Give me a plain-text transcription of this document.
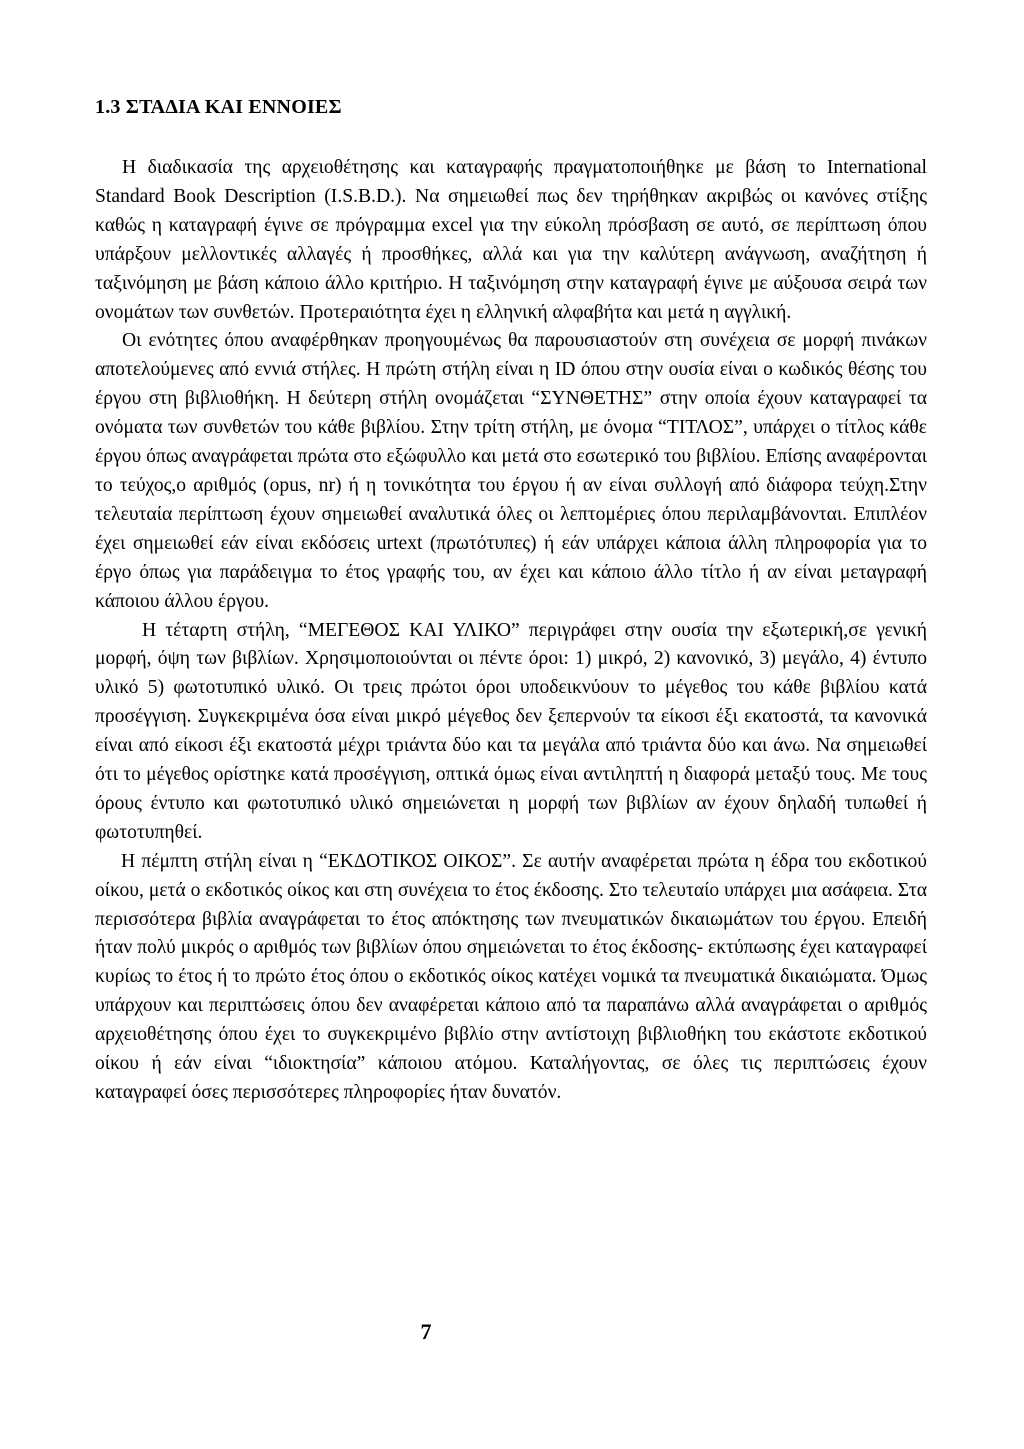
1.3 ΣΤΑΔΙΑ ΚΑΙ ΕΝΝΟΙΕΣ

Η διαδικασία της αρχειοθέτησης και καταγραφής πραγματοποιήθηκε με βάση το International Standard Book Description (I.S.B.D.). Να σημειωθεί πως δεν τηρήθηκαν ακριβώς οι κανόνες στίξης καθώς η καταγραφή έγινε σε πρόγραμμα excel για την εύκολη πρόσβαση σε αυτό, σε περίπτωση όπου υπάρξουν μελλοντικές αλλαγές ή προσθήκες, αλλά και για την καλύτερη ανάγνωση, αναζήτηση ή ταξινόμηση με βάση κάποιο άλλο κριτήριο. Η ταξινόμηση στην καταγραφή έγινε με αύξουσα σειρά των ονομάτων των συνθετών. Προτεραιότητα έχει η ελληνική αλφαβήτα και μετά η αγγλική.

Οι ενότητες όπου αναφέρθηκαν προηγουμένως θα παρουσιαστούν στη συνέχεια σε μορφή πινάκων αποτελούμενες από εννιά στήλες. Η πρώτη στήλη είναι η ID όπου στην ουσία είναι ο κωδικός θέσης του έργου στη βιβλιοθήκη. Η δεύτερη στήλη ονομάζεται “ΣΥΝΘΕΤΗΣ” στην οποία έχουν καταγραφεί τα ονόματα των συνθετών του κάθε βιβλίου. Στην τρίτη στήλη, με όνομα “ΤΙΤΛΟΣ”, υπάρχει ο τίτλος κάθε έργου όπως αναγράφεται πρώτα στο εξώφυλλο και μετά στο εσωτερικό του βιβλίου. Επίσης αναφέρονται το τεύχος,ο αριθμός (opus, nr) ή η τονικότητα του έργου ή αν είναι συλλογή από διάφορα τεύχη.Στην τελευταία περίπτωση έχουν σημειωθεί αναλυτικά όλες οι λεπτομέριες όπου περιλαμβάνονται. Επιπλέον έχει σημειωθεί εάν είναι εκδόσεις urtext (πρωτότυπες) ή εάν υπάρχει κάποια άλλη πληροφορία για το έργο όπως για παράδειγμα το έτος γραφής του, αν έχει και κάποιο άλλο τίτλο ή αν είναι μεταγραφή κάποιου άλλου έργου.

Η τέταρτη στήλη, “ΜΕΓΕΘΟΣ ΚΑΙ ΥΛΙΚΟ” περιγράφει στην ουσία την εξωτερική,σε γενική μορφή, όψη των βιβλίων. Χρησιμοποιούνται οι πέντε όροι: 1) μικρό, 2) κανονικό, 3) μεγάλο, 4) έντυπο υλικό 5) φωτοτυπικό υλικό. Οι τρεις πρώτοι όροι υποδεικνύουν το μέγεθος του κάθε βιβλίου κατά προσέγγιση. Συγκεκριμένα όσα είναι μικρό μέγεθος δεν ξεπερνούν τα είκοσι έξι εκατοστά, τα κανονικά είναι από είκοσι έξι εκατοστά μέχρι τριάντα δύο και τα μεγάλα από τριάντα δύο και άνω. Να σημειωθεί ότι το μέγεθος ορίστηκε κατά προσέγγιση, οπτικά όμως είναι αντιληπτή η διαφορά μεταξύ τους. Με τους όρους έντυπο και φωτοτυπικό υλικό σημειώνεται η μορφή των βιβλίων αν έχουν δηλαδή τυπωθεί ή φωτοτυπηθεί.

Η πέμπτη στήλη είναι η “ΕΚΔΟΤΙΚΟΣ ΟΙΚΟΣ”. Σε αυτήν αναφέρεται πρώτα η έδρα του εκδοτικού οίκου, μετά ο εκδοτικός οίκος και στη συνέχεια το έτος έκδοσης. Στο τελευταίο υπάρχει μια ασάφεια. Στα περισσότερα βιβλία αναγράφεται το έτος απόκτησης των πνευματικών δικαιωμάτων του έργου. Επειδή ήταν πολύ μικρός ο αριθμός των βιβλίων όπου σημειώνεται το έτος έκδοσης- εκτύπωσης έχει καταγραφεί κυρίως το έτος ή το πρώτο έτος όπου ο εκδοτικός οίκος κατέχει νομικά τα πνευματικά δικαιώματα. Όμως υπάρχουν και περιπτώσεις όπου δεν αναφέρεται κάποιο από τα παραπάνω αλλά αναγράφεται ο αριθμός αρχειοθέτησης όπου έχει το συγκεκριμένο βιβλίο στην αντίστοιχη βιβλιοθήκη του εκάστοτε εκδοτικού οίκου ή εάν είναι “ιδιοκτησία” κάποιου ατόμου. Καταλήγοντας, σε όλες τις περιπτώσεις έχουν καταγραφεί όσες περισσότερες πληροφορίες ήταν δυνατόν.

7
